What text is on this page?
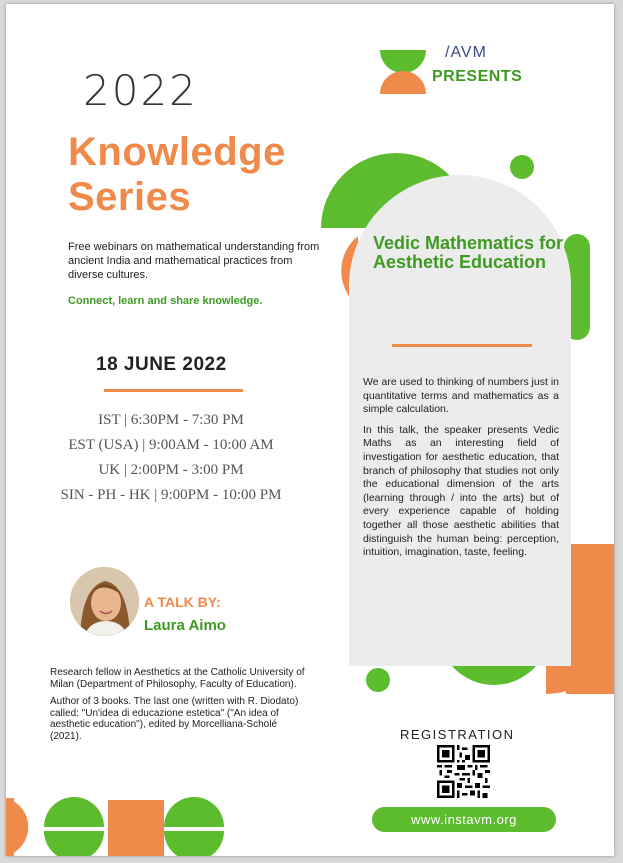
2022
Knowledge
Series
Free webinars on mathematical understanding from ancient India and mathematical practices from diverse cultures.
Connect, learn and share knowledge.
18 JUNE 2022
IST | 6:30PM - 7:30 PM
EST (USA) | 9:00AM - 10:00 AM
UK | 2:00PM - 3:00 PM
SIN - PH - HK | 9:00PM - 10:00 PM
A TALK BY:
Laura Aimo

Research fellow in Aesthetics at the Catholic University of Milan (Department of Philosophy, Faculty of Education).

Author of 3 books. The last one (written with R. Diodato) called: "Un'idea di educazione estetica" ("An idea of aesthetic education"), edited by Morcelliana-Scholé (2021).

Vedic Mathematics for Aesthetic Education

We are used to thinking of numbers just in quantitative terms and mathematics as a simple calculation.

In this talk, the speaker presents Vedic Maths as an interesting field of investigation for aesthetic education, that branch of philosophy that studies not only the educational dimension of the arts (learning through / into the arts) but of every experience capable of holding together all those aesthetic abilities that distinguish the human being: perception, intuition, imagination, taste, feeling.

/AVM
PRESENTS
REGISTRATION
www.instavm.org
